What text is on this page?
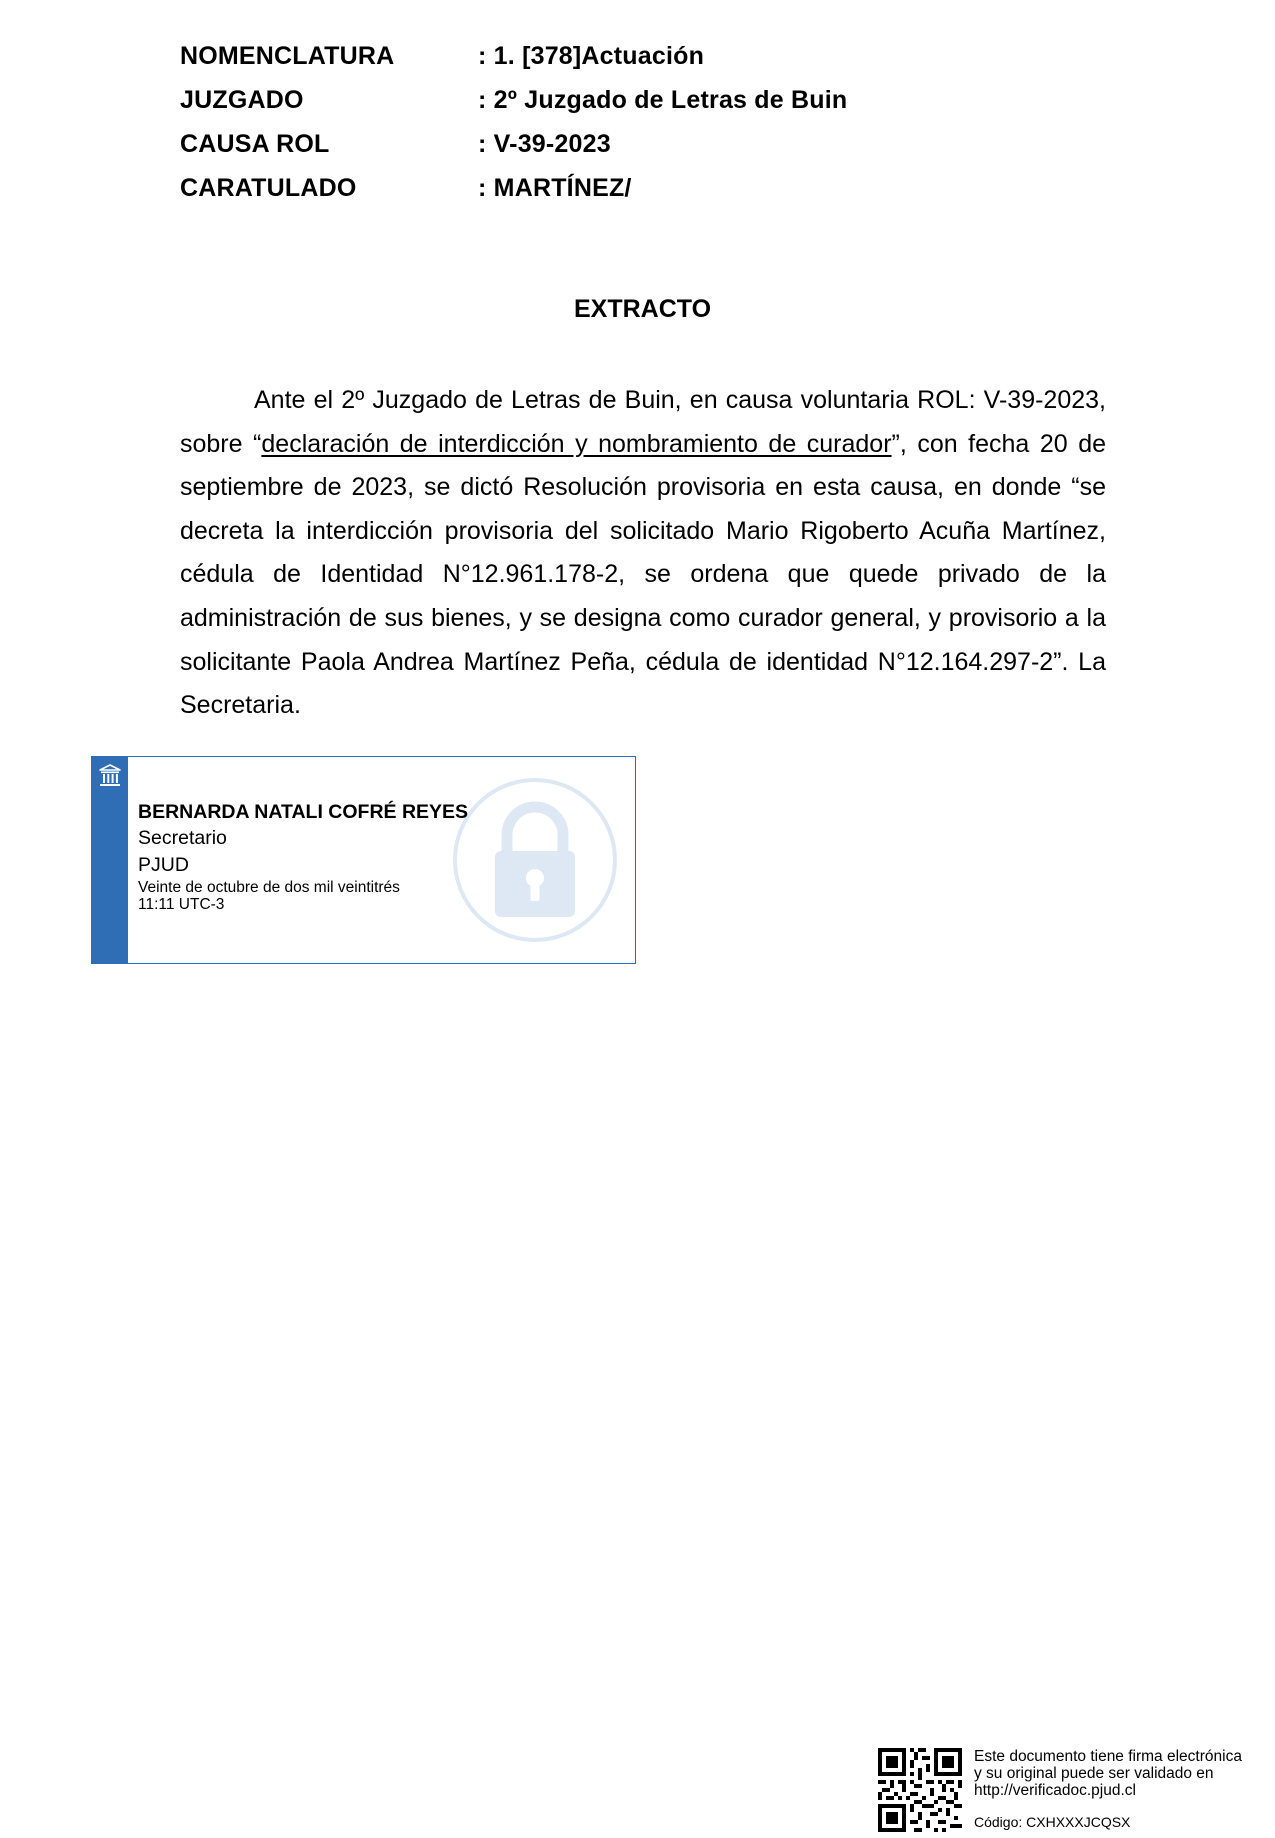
NOMENCLATURA	: 1. [378]Actuación
JUZGADO	: 2º Juzgado de Letras de Buin
CAUSA ROL	: V-39-2023
CARATULADO	: MARTÍNEZ/
EXTRACTO

Ante el 2º Juzgado de Letras de Buin, en causa voluntaria ROL: V-39-2023, sobre “declaración de interdicción y nombramiento de curador”, con fecha 20 de septiembre de 2023, se dictó Resolución provisoria en esta causa, en donde “se decreta la interdicción provisoria del solicitado Mario Rigoberto Acuña Martínez, cédula de Identidad N°12.961.178-2, se ordena que quede privado de la administración de sus bienes, y se designa como curador general, y provisorio a la solicitante Paola Andrea Martínez Peña, cédula de identidad N°12.164.297-2”. La Secretaria.

BERNARDA NATALI COFRÉ REYES
Secretario
PJUD
Veinte de octubre de dos mil veintitrés
11:11 UTC-3
Este documento tiene firma electrónica
y su original puede ser validado en
http://verificadoc.pjud.cl
Código: CXHXXXJCQSX
